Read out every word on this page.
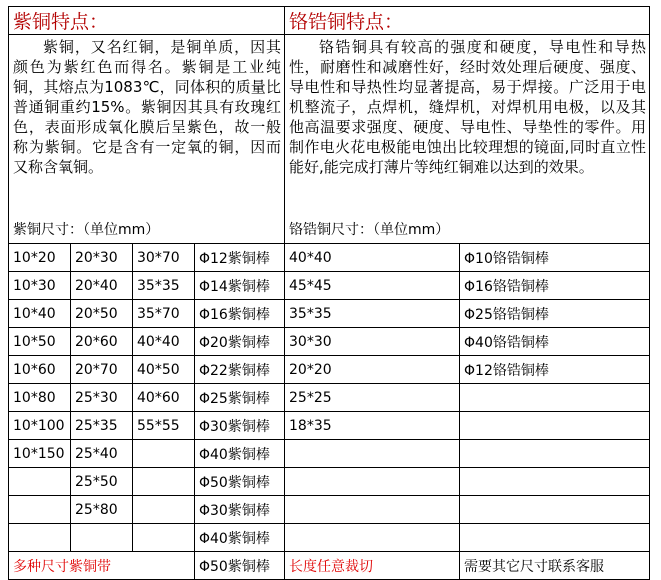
紫铜特点：				铬锆铜特点：	

紫铜，又名红铜，是铜单质，因其颜色为紫红色而得名。紫铜是工业纯铜，其熔点为1083℃，同体积的质量比普通铜重约15%。紫铜因其具有玫瑰红色，表面形成氧化膜后呈紫色，故一般称为紫铜。它是含有一定氧的铜，因而又称含氧铜。				铬锆铜具有较高的强度和硬度，导电性和导热性，耐磨性和减磨性好，经时效处理后硬度、强度、导电性和导热性均显著提高，易于焊接。广泛用于电机整流子，点焊机，缝焊机，对焊机用电极，以及其他高温要求强度、硬度、导电性、导垫性的零件。用制作电火花电极能电蚀出比较理想的镜面,同时直立性能好,能完成打薄片等纯红铜难以达到的效果。	

紫铜尺寸：（单位mm）				铬锆铜尺寸：（单位mm）	
10*20	20*30	30*70	Φ12紫铜棒	40*40	Φ10铬锆铜棒
10*30	20*40	35*35	Φ14紫铜棒	45*45	Φ16铬锆铜棒
10*40	20*50	35*70	Φ16紫铜棒	35*35	Φ25铬锆铜棒
10*50	20*60	40*40	Φ20紫铜棒	30*30	Φ40铬锆铜棒
10*60	20*70	40*50	Φ22紫铜棒	20*20	Φ12铬锆铜棒
10*80	25*30	40*60	Φ25紫铜棒	25*25	
10*100	25*35	55*55	Φ30紫铜棒	18*35	
10*150	25*40		Φ40紫铜棒		
	25*50		Φ50紫铜棒		
	25*80		Φ30紫铜棒		
			Φ40紫铜棒		
多种尺寸紫铜带			Φ50紫铜棒	长度任意裁切	需要其它尺寸联系客服
